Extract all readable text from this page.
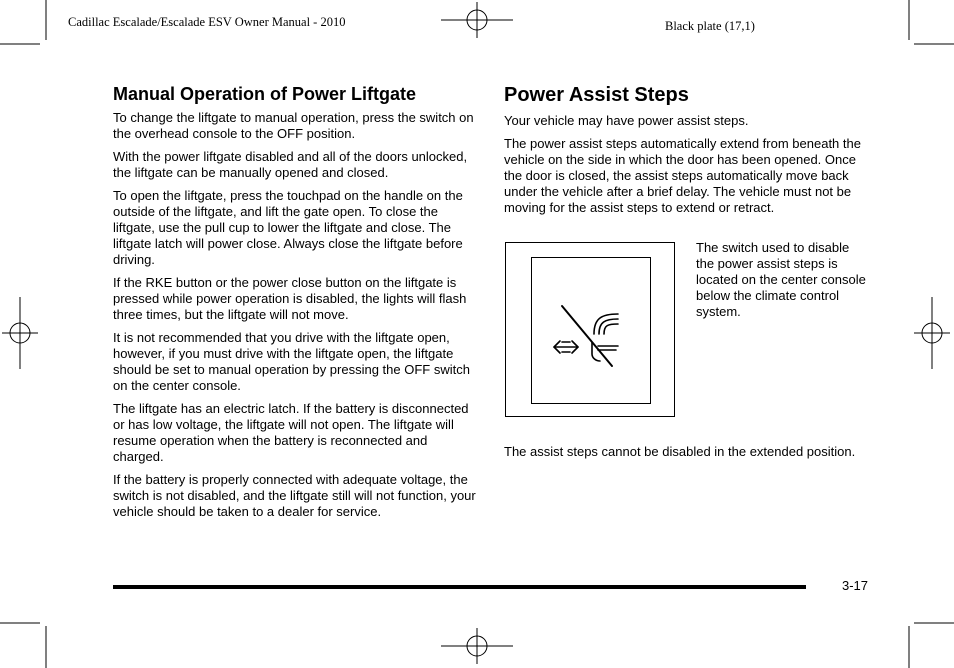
Cadillac Escalade/Escalade ESV Owner Manual - 2010	Black plate (17,1)
Manual Operation of Power Liftgate

To change the liftgate to manual operation, press the switch on the overhead console to the OFF position.

With the power liftgate disabled and all of the doors unlocked, the liftgate can be manually opened and closed.

To open the liftgate, press the touchpad on the handle on the outside of the liftgate, and lift the gate open. To close the liftgate, use the pull cup to lower the liftgate and close. The liftgate latch will power close. Always close the liftgate before driving.

If the RKE button or the power close button on the liftgate is pressed while power operation is disabled, the lights will flash three times, but the liftgate will not move.

It is not recommended that you drive with the liftgate open, however, if you must drive with the liftgate open, the liftgate should be set to manual operation by pressing the OFF switch on the center console.

The liftgate has an electric latch. If the battery is disconnected or has low voltage, the liftgate will not open. The liftgate will resume operation when the battery is reconnected and charged.

If the battery is properly connected with adequate voltage, the switch is not disabled, and the liftgate still will not function, your vehicle should be taken to a dealer for service.

Power Assist Steps

Your vehicle may have power assist steps.

The power assist steps automatically extend from beneath the vehicle on the side in which the door has been opened. Once the door is closed, the assist steps automatically move back under the vehicle after a brief delay. The vehicle must not be moving for the assist steps to extend or retract.

The switch used to disable the power assist steps is located on the center console below the climate control system.

The assist steps cannot be disabled in the extended position.

3-17
